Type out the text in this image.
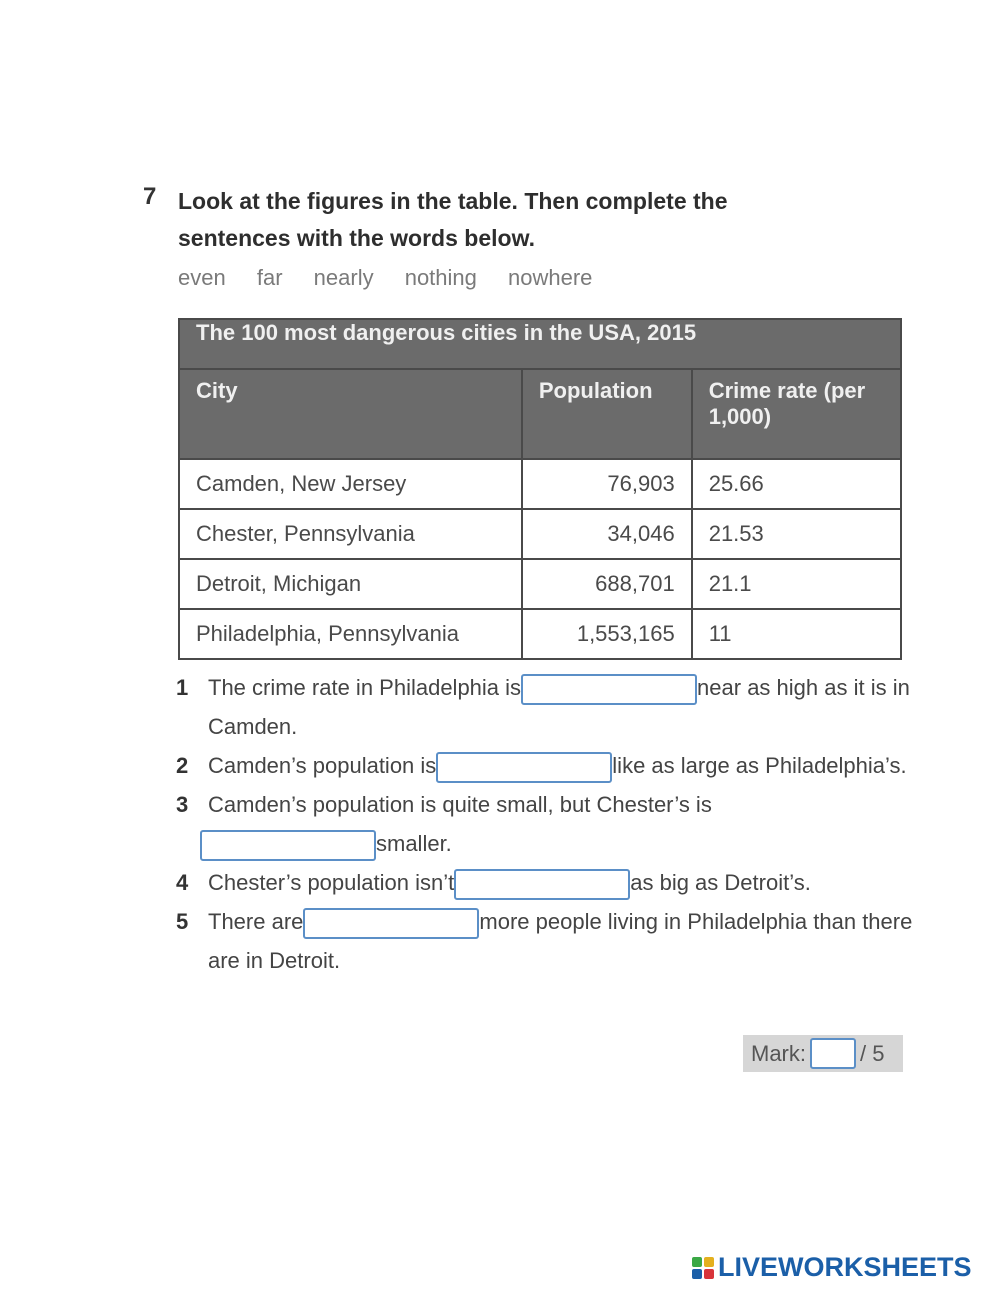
7 Look at the figures in the table. Then complete the sentences with the words below.
even far nearly nothing nowhere
The 100 most dangerous cities in the USA, 2015		
City	Population	Crime rate (per 1,000)
Camden, New Jersey	76,903	25.66
Chester, Pennsylvania	34,046	21.53
Detroit, Michigan	688,701	21.1
Philadelphia, Pennsylvania	1,553,165	11
1 The crime rate in Philadelphia is	near as high as it is in Camden.
2 Camden’s population is	like as large as Philadelphia’s.
3 Camden’s population is quite small, but Chester’s is
smaller.
4 Chester’s population isn’t	as big as Detroit’s.
5 There are	more people living in Philadelphia than there are in Detroit.
Mark: / 5
LIVEWORKSHEETS
